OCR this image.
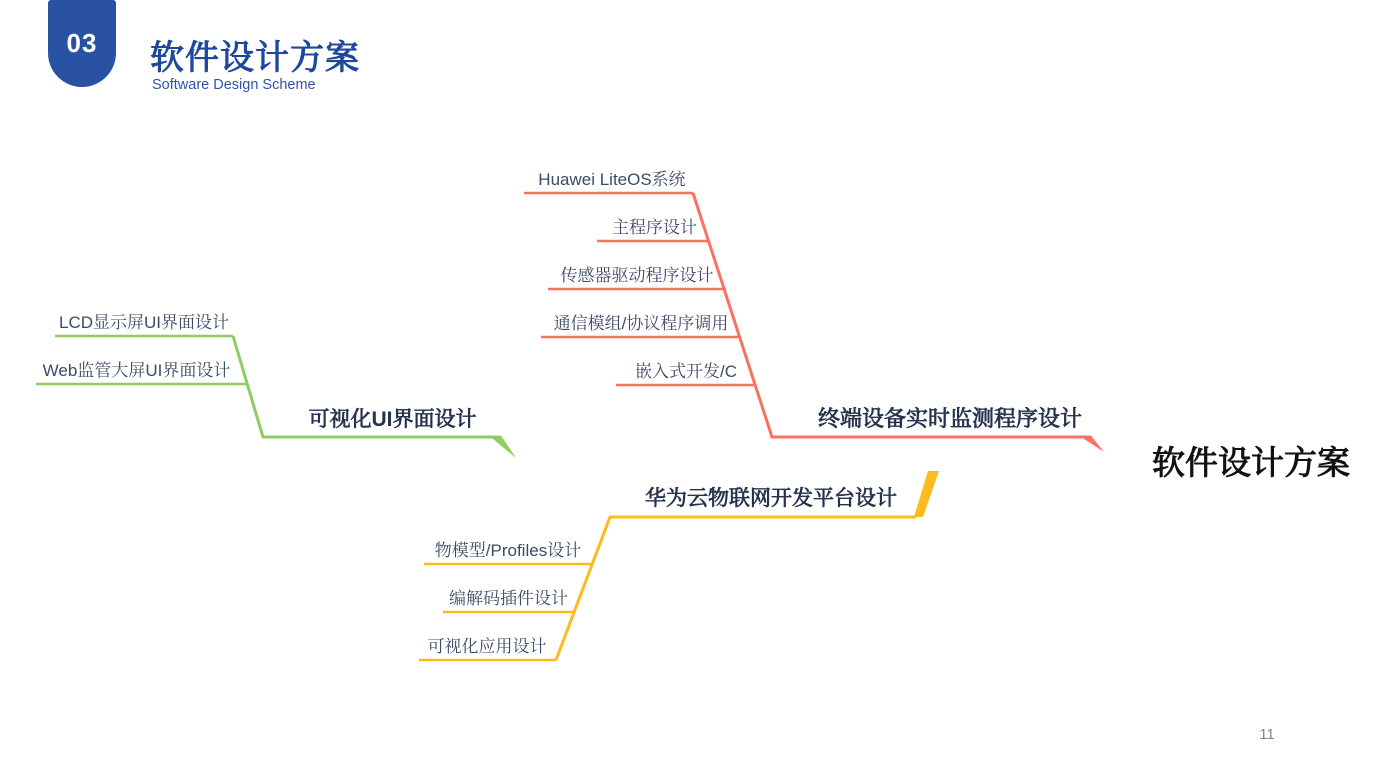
03 软件设计方案
Software Design Scheme
LCD显示屏UI界面设计
Web监管大屏UI界面设计
可视化UI界面设计
Huawei LiteOS系统
主程序设计
传感器驱动程序设计
通信模组/协议程序调用
嵌入式开发/C
终端设备实时监测程序设计
华为云物联网开发平台设计
物模型/Profiles设计
编解码插件设计
可视化应用设计
软件设计方案
11
